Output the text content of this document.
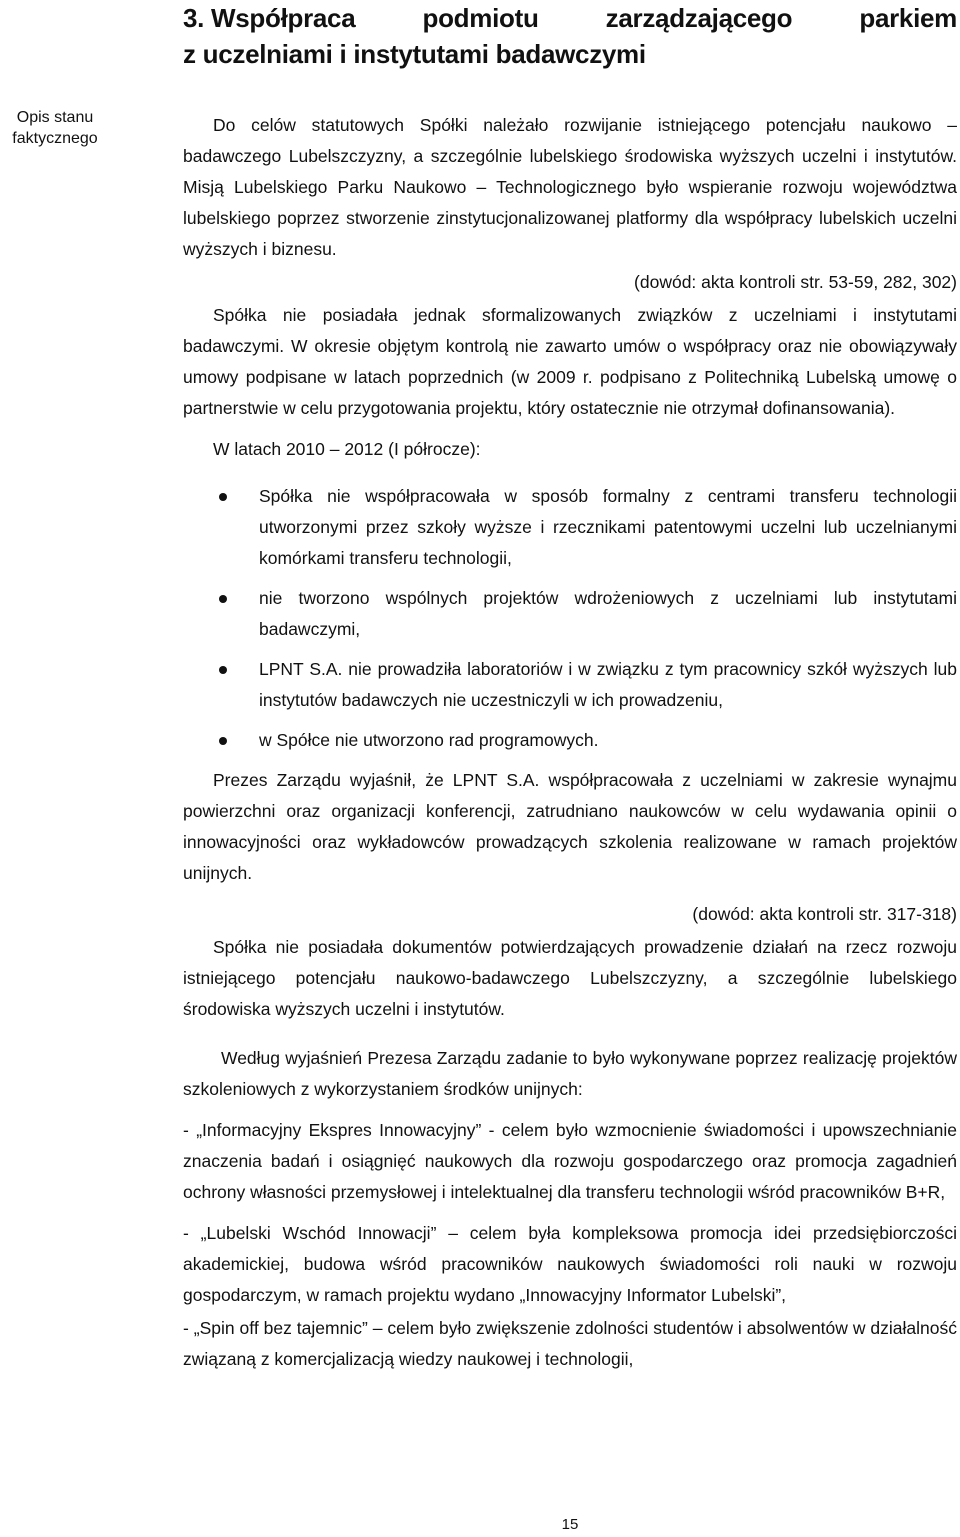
3. Współpraca	podmiotu	zarządzającego	parkiem
z uczelniami i instytutami badawczymi
Opis stanu
faktycznego

Do celów statutowych Spółki należało rozwijanie istniejącego potencjału naukowo – badawczego Lubelszczyzny, a szczególnie lubelskiego środowiska wyższych uczelni i instytutów. Misją Lubelskiego Parku Naukowo – Technologicznego było wspieranie rozwoju województwa lubelskiego poprzez stworzenie zinstytucjonalizowanej platformy dla współpracy lubelskich uczelni wyższych i biznesu.

(dowód: akta kontroli str. 53-59, 282, 302)

Spółka nie posiadała jednak sformalizowanych związków z uczelniami i instytutami badawczymi. W okresie objętym kontrolą nie zawarto umów o współpracy oraz nie obowiązywały umowy podpisane w latach poprzednich (w 2009 r. podpisano z Politechniką Lubelską umowę o partnerstwie w celu przygotowania projektu, który ostatecznie nie otrzymał dofinansowania).

W latach 2010 – 2012 (I półrocze):

Spółka nie współpracowała w sposób formalny z centrami transferu technologii utworzonymi przez szkoły wyższe i rzecznikami patentowymi uczelni lub uczelnianymi komórkami transferu technologii,
nie tworzono wspólnych projektów wdrożeniowych z uczelniami lub instytutami badawczymi,
LPNT S.A. nie prowadziła laboratoriów i w związku z tym pracownicy szkół wyższych lub instytutów badawczych nie uczestniczyli w ich prowadzeniu,
w Spółce nie utworzono rad programowych.

Prezes Zarządu wyjaśnił, że LPNT S.A. współpracowała z uczelniami w zakresie wynajmu powierzchni oraz organizacji konferencji, zatrudniano naukowców w celu wydawania opinii o innowacyjności oraz wykładowców prowadzących szkolenia realizowane w ramach projektów unijnych.

(dowód: akta kontroli str. 317-318)

Spółka nie posiadała dokumentów potwierdzających prowadzenie działań na rzecz rozwoju istniejącego potencjału naukowo-badawczego Lubelszczyzny, a szczególnie lubelskiego środowiska wyższych uczelni i instytutów.

Według wyjaśnień Prezesa Zarządu zadanie to było wykonywane poprzez realizację projektów szkoleniowych z wykorzystaniem środków unijnych:

- „Informacyjny Ekspres Innowacyjny” - celem było wzmocnienie świadomości i upowszechnianie znaczenia badań i osiągnięć naukowych dla rozwoju gospodarczego oraz promocja zagadnień ochrony własności przemysłowej i intelektualnej dla transferu technologii wśród pracowników B+R,

- „Lubelski Wschód Innowacji” – celem była kompleksowa promocja idei przedsiębiorczości akademickiej, budowa wśród pracowników naukowych świadomości roli nauki w rozwoju gospodarczym, w ramach projektu wydano „Innowacyjny Informator Lubelski”,

- „Spin off bez tajemnic” – celem było zwiększenie zdolności studentów i absolwentów w działalność związaną z komercjalizacją wiedzy naukowej i technologii,

15
